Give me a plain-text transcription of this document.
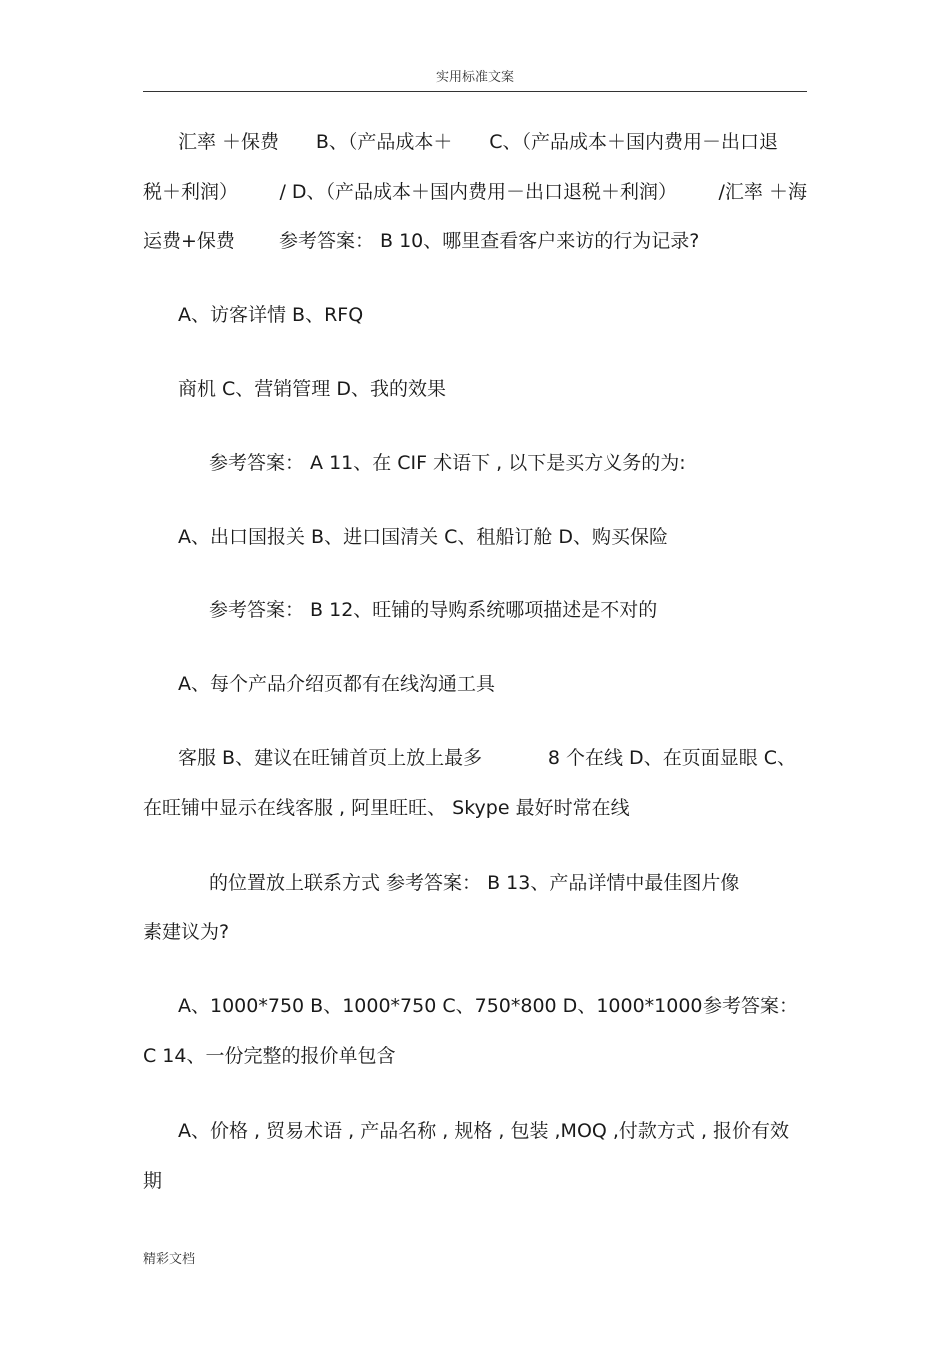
实用标准文案
汇率 ＋保费 B、（产品成本＋ C、（产品成本＋国内费用－出口退
税＋利润） / D、（产品成本＋国内费用－出口退税＋利润） /汇率 ＋海
运费+保费　　 参考答案： B 10、哪里查看客户来访的行为记录?
A、访客详情 B、RFQ
商机 C、营销管理 D、我的效果
参考答案： A 11、在 CIF 术语下 , 以下是买方义务的为:
A、出口国报关 B、进口国清关 C、租船订舱 D、购买保险
参考答案： B 12、旺铺的导购系统哪项描述是不对的
A、每个产品介绍页都有在线沟通工具
客服 B、建议在旺铺首页上放上最多	8 个在线 D、在页面显眼 C、
在旺铺中显示在线客服 , 阿里旺旺、 Skype 最好时常在线
的位置放上联系方式 参考答案： B 13、产品详情中最佳图片像
素建议为?
A、1000*750 B、1000*750 C、750*800 D、1000*1000 参考答案：
C 14、一份完整的报价单包含
A、价格 , 贸易术语 , 产品名称 , 规格 , 包装 ,MOQ ,付款方式 , 报价有效
期
精彩文档
